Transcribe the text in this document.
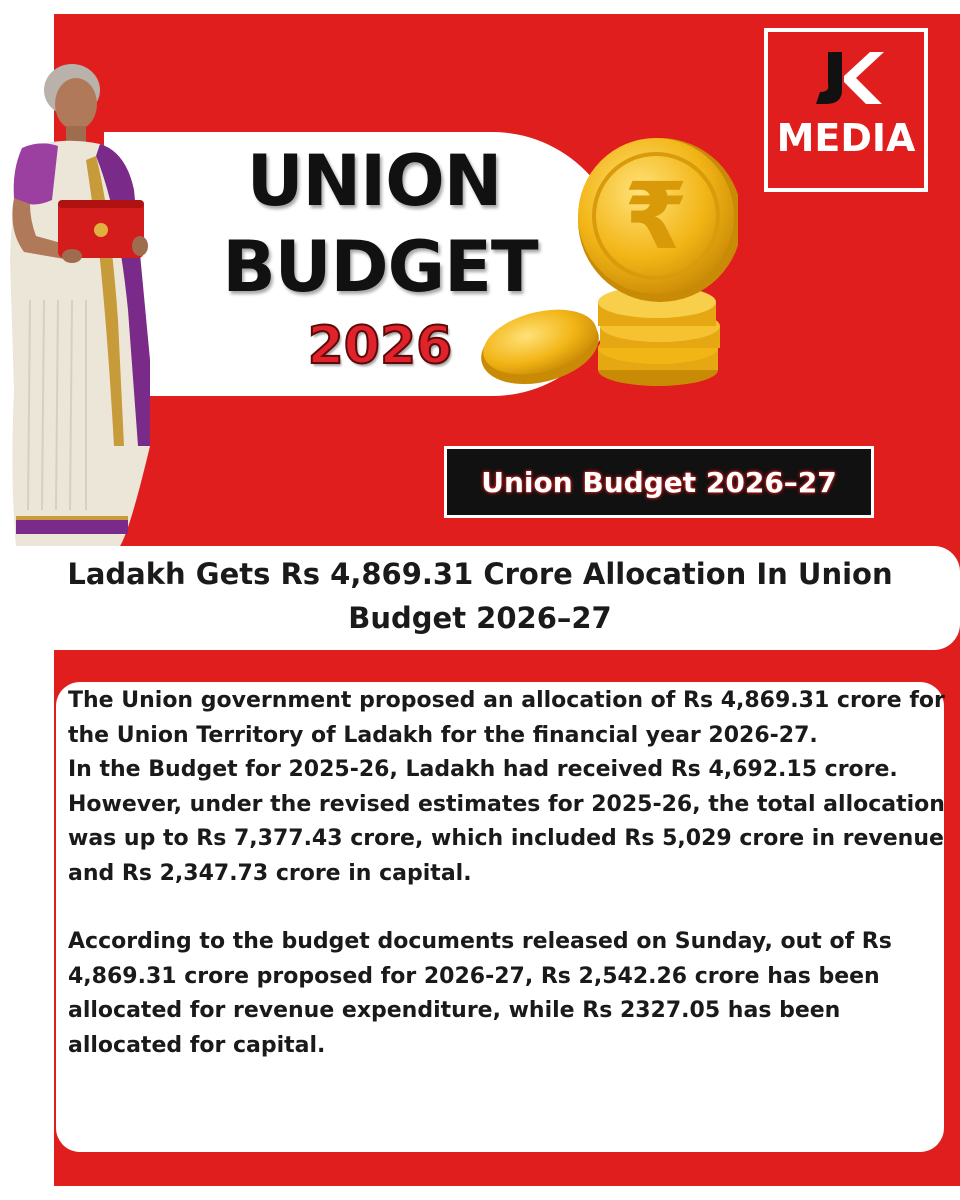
MEDIA
UNION
BUDGET
2026
₹
Union Budget 2026–27
Ladakh Gets Rs 4,869.31 Crore Allocation In Union Budget 2026–27

The Union government proposed an allocation of Rs 4,869.31 crore for the Union Territory of Ladakh for the financial year 2026-27.

In the Budget for 2025-26, Ladakh had received Rs 4,692.15 crore. However, under the revised estimates for 2025-26, the total allocation was up to Rs 7,377.43 crore, which included Rs 5,029 crore in revenue and Rs 2,347.73 crore in capital.

According to the budget documents released on Sunday, out of Rs 4,869.31 crore proposed for 2026-27, Rs 2,542.26 crore has been allocated for revenue expenditure, while Rs 2327.05 has been allocated for capital.
